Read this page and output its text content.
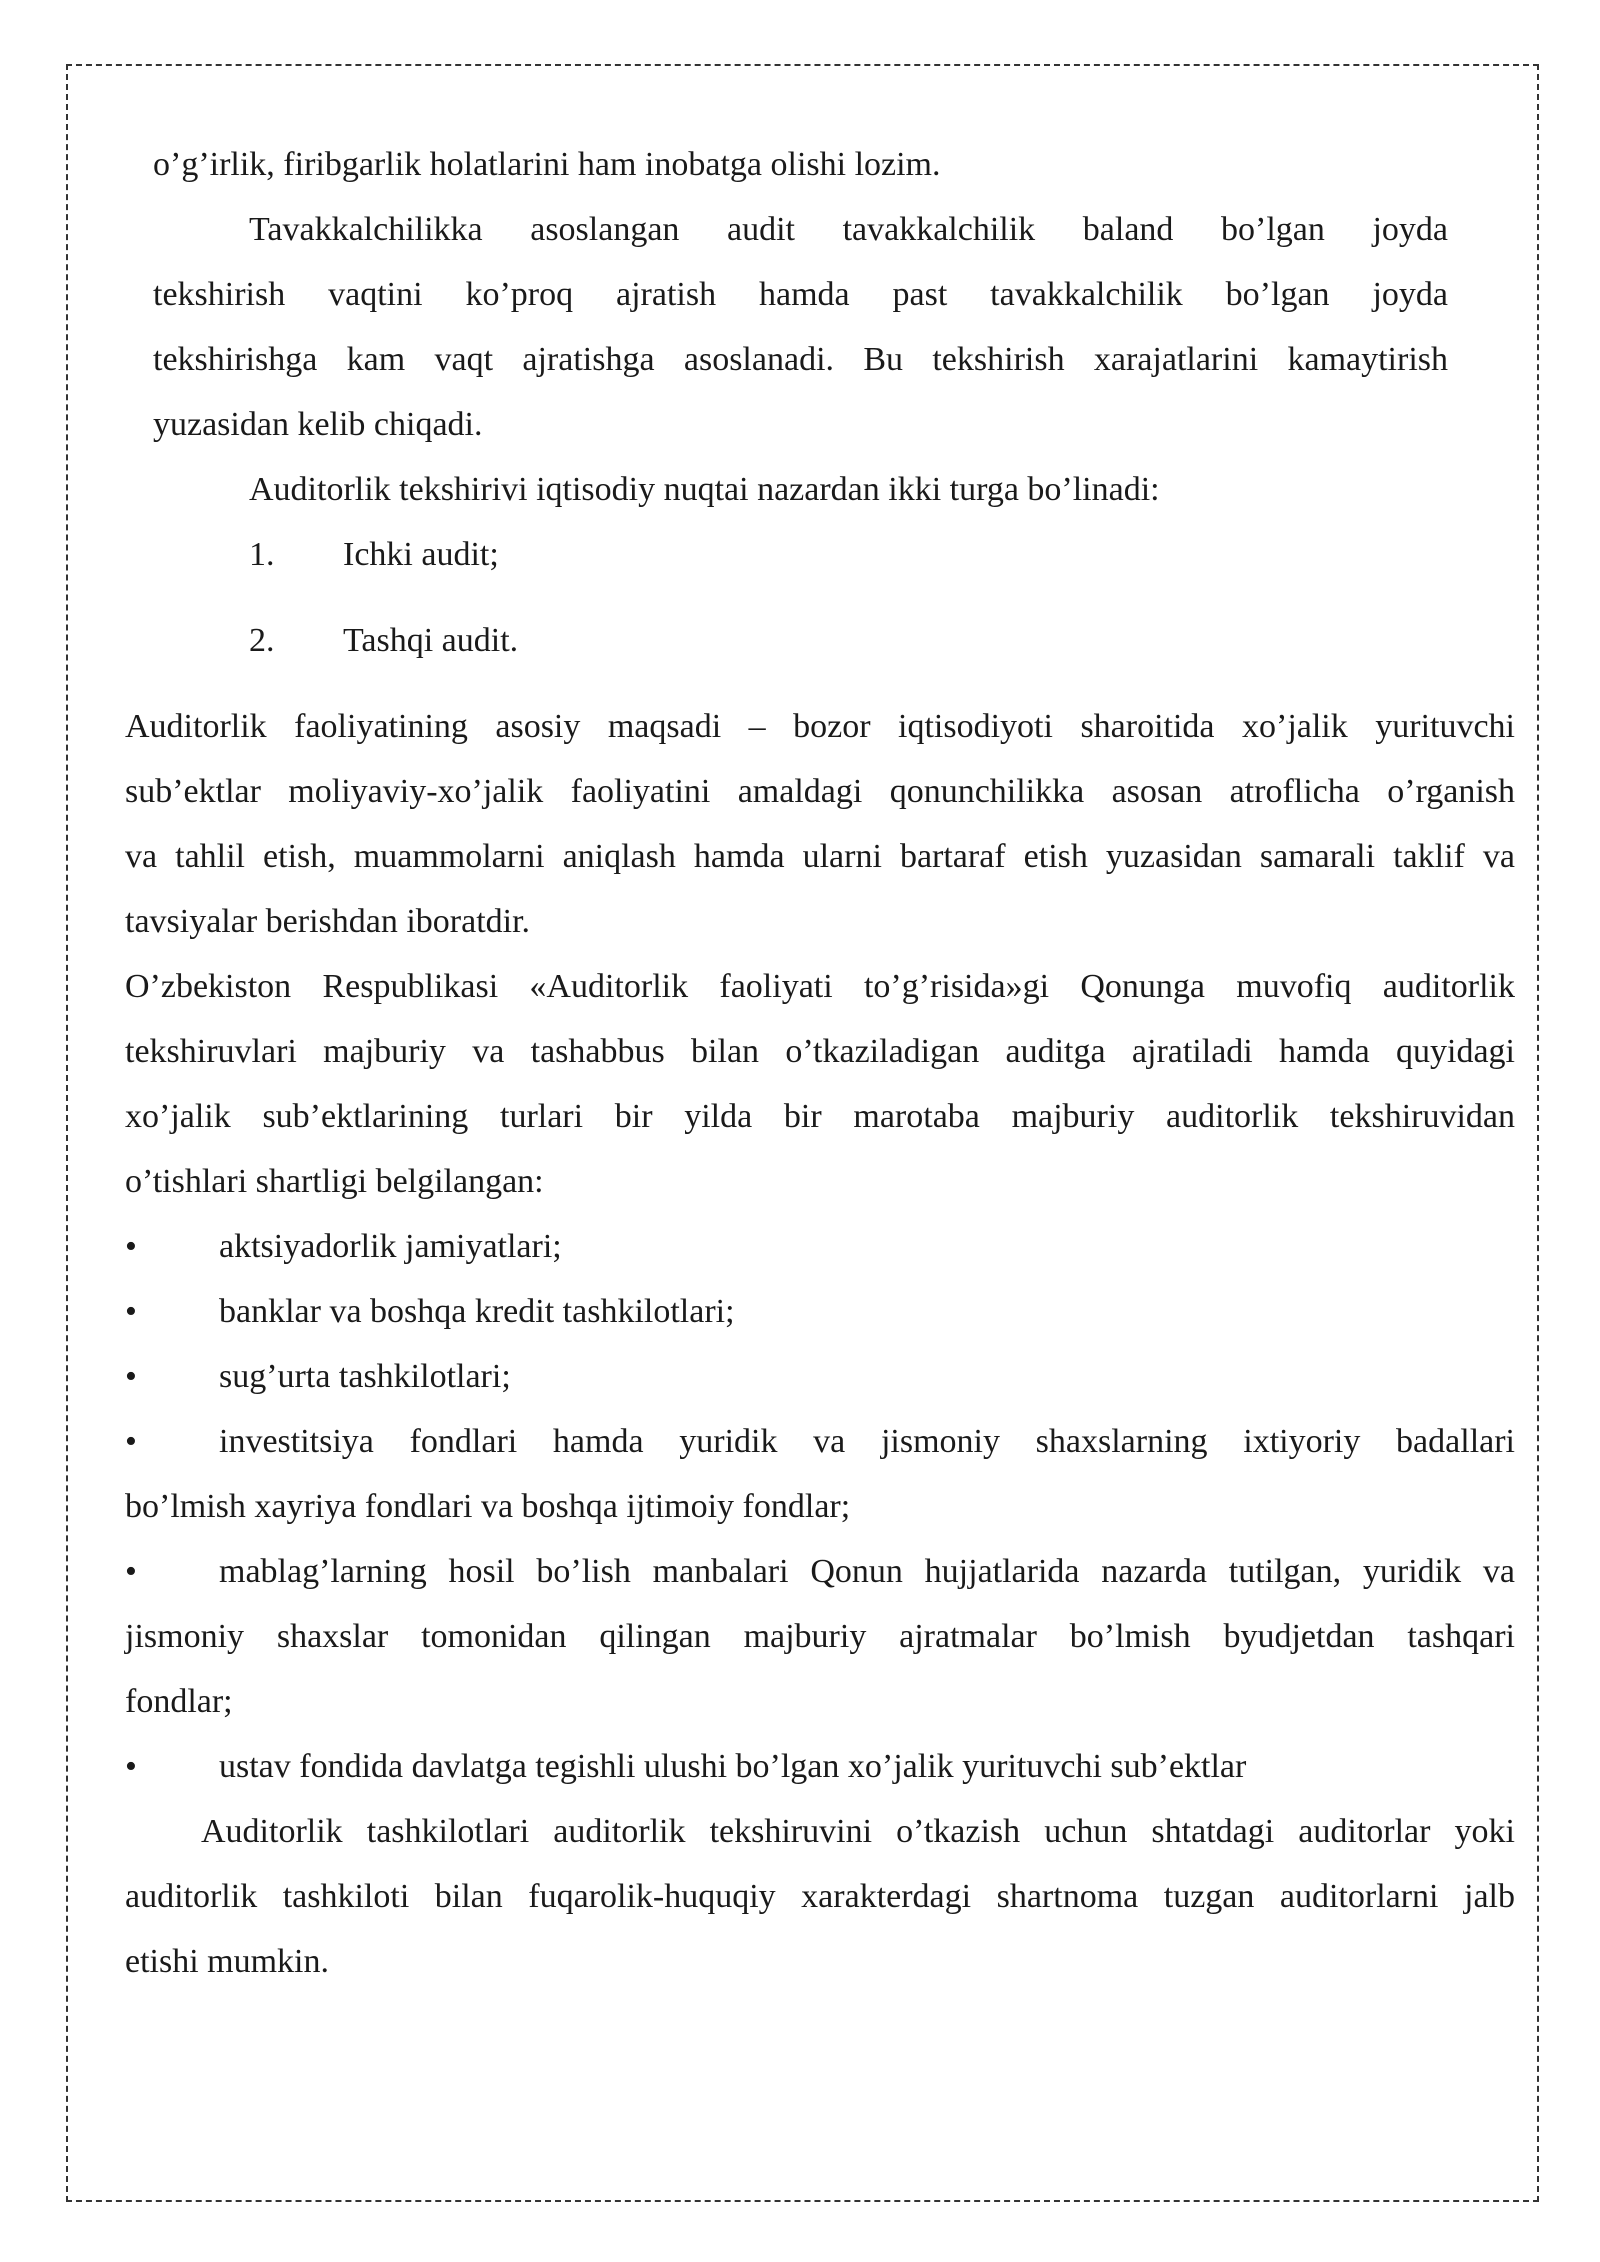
o’g’irlik, firibgarlik holatlarini ham inobatga olishi lozim.
Tavakkalchilikka asoslangan audit tavakkalchilik baland bo’lgan joyda
tekshirish vaqtini ko’proq ajratish hamda past tavakkalchilik bo’lgan joyda
tekshirishga kam vaqt ajratishga asoslanadi. Bu tekshirish xarajatlarini kamaytirish
yuzasidan kelib chiqadi.
Auditorlik tekshirivi iqtisodiy nuqtai nazardan ikki turga bo’linadi:
1. Ichki audit;
2. Tashqi audit.
Auditorlik faoliyatining asosiy maqsadi – bozor iqtisodiyoti sharoitida xo’jalik yurituvchi
sub’ektlar moliyaviy-xo’jalik faoliyatini amaldagi qonunchilikka asosan atroflicha o’rganish
va tahlil etish, muammolarni aniqlash hamda ularni bartaraf etish yuzasidan samarali taklif va
tavsiyalar berishdan iboratdir.
O’zbekiston Respublikasi «Auditorlik faoliyati to’g’risida»gi Qonunga muvofiq auditorlik
tekshiruvlari majburiy va tashabbus bilan o’tkaziladigan auditga ajratiladi hamda quyidagi
xo’jalik sub’ektlarining turlari bir yilda bir marotaba majburiy auditorlik tekshiruvidan
o’tishlari shartligi belgilangan:
• aktsiyadorlik jamiyatlari;
• banklar va boshqa kredit tashkilotlari;
• sug’urta tashkilotlari;
• investitsiya fondlari hamda yuridik va jismoniy shaxslarning ixtiyoriy badallari
bo’lmish xayriya fondlari va boshqa ijtimoiy fondlar;
• mablag’larning hosil bo’lish manbalari Qonun hujjatlarida nazarda tutilgan, yuridik va
jismoniy shaxslar tomonidan qilingan majburiy ajratmalar bo’lmish byudjetdan tashqari
fondlar;
• ustav fondida davlatga tegishli ulushi bo’lgan xo’jalik yurituvchi sub’ektlar
Auditorlik tashkilotlari auditorlik tekshiruvini o’tkazish uchun shtatdagi auditorlar yoki
auditorlik tashkiloti bilan fuqarolik-huquqiy xarakterdagi shartnoma tuzgan auditorlarni jalb
etishi mumkin.
